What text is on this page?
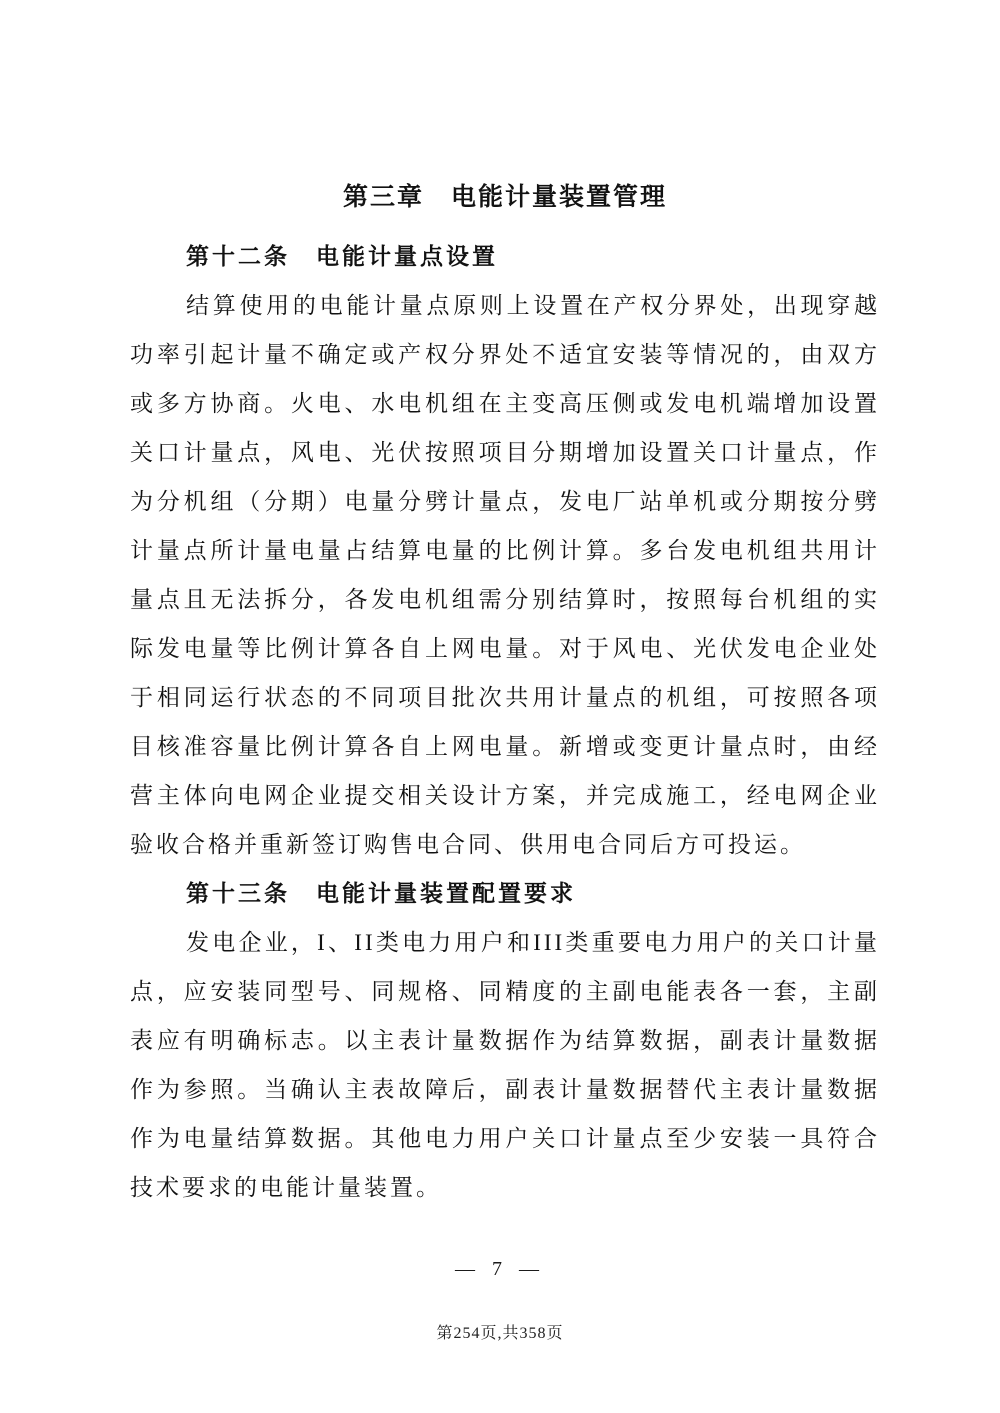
第三章　电能计量装置管理
第十二条　电能计量点设置

结算使用的电能计量点原则上设置在产权分界处，出现穿越功率引起计量不确定或产权分界处不适宜安装等情况的，由双方或多方协商。火电、水电机组在主变高压侧或发电机端增加设置关口计量点，风电、光伏按照项目分期增加设置关口计量点，作为分机组（分期）电量分劈计量点，发电厂站单机或分期按分劈计量点所计量电量占结算电量的比例计算。多台发电机组共用计量点且无法拆分，各发电机组需分别结算时，按照每台机组的实际发电量等比例计算各自上网电量。对于风电、光伏发电企业处于相同运行状态的不同项目批次共用计量点的机组，可按照各项目核准容量比例计算各自上网电量。新增或变更计量点时，由经营主体向电网企业提交相关设计方案，并完成施工，经电网企业验收合格并重新签订购售电合同、供用电合同后方可投运。

第十三条　电能计量装置配置要求

发电企业，I、II类电力用户和III类重要电力用户的关口计量点，应安装同型号、同规格、同精度的主副电能表各一套，主副表应有明确标志。以主表计量数据作为结算数据，副表计量数据作为参照。当确认主表故障后，副表计量数据替代主表计量数据作为电量结算数据。其他电力用户关口计量点至少安装一具符合技术要求的电能计量装置。

— 7 —
第254页,共358页
